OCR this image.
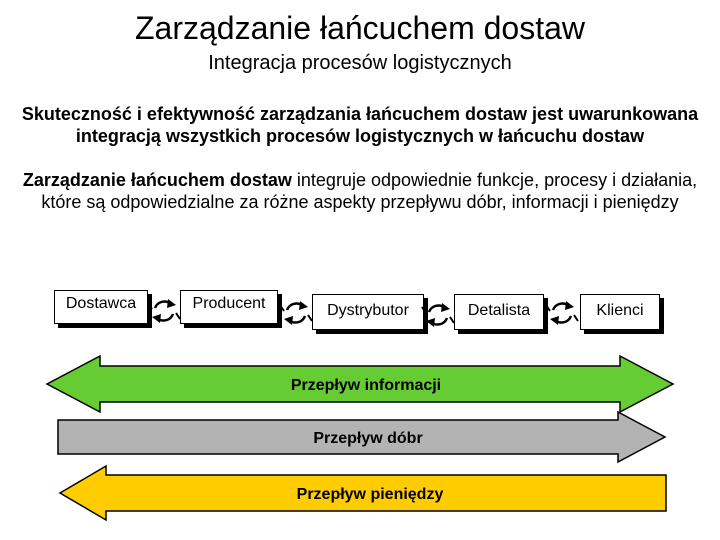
Zarządzanie łańcuchem dostaw
Integracja procesów logistycznych
Skuteczność i efektywność zarządzania łańcuchem dostaw jest uwarunkowana integracją wszystkich procesów logistycznych w łańcuchu dostaw
Zarządzanie łańcuchem dostaw integruje odpowiednie funkcje, procesy i działania, które są odpowiedzialne za różne aspekty przepływu dóbr, informacji i pieniędzy
Dostawca	Producent	Dystrybutor	Detalista	Klienci
Przepływ informacji
Przepływ dóbr
Przepływ pieniędzy
